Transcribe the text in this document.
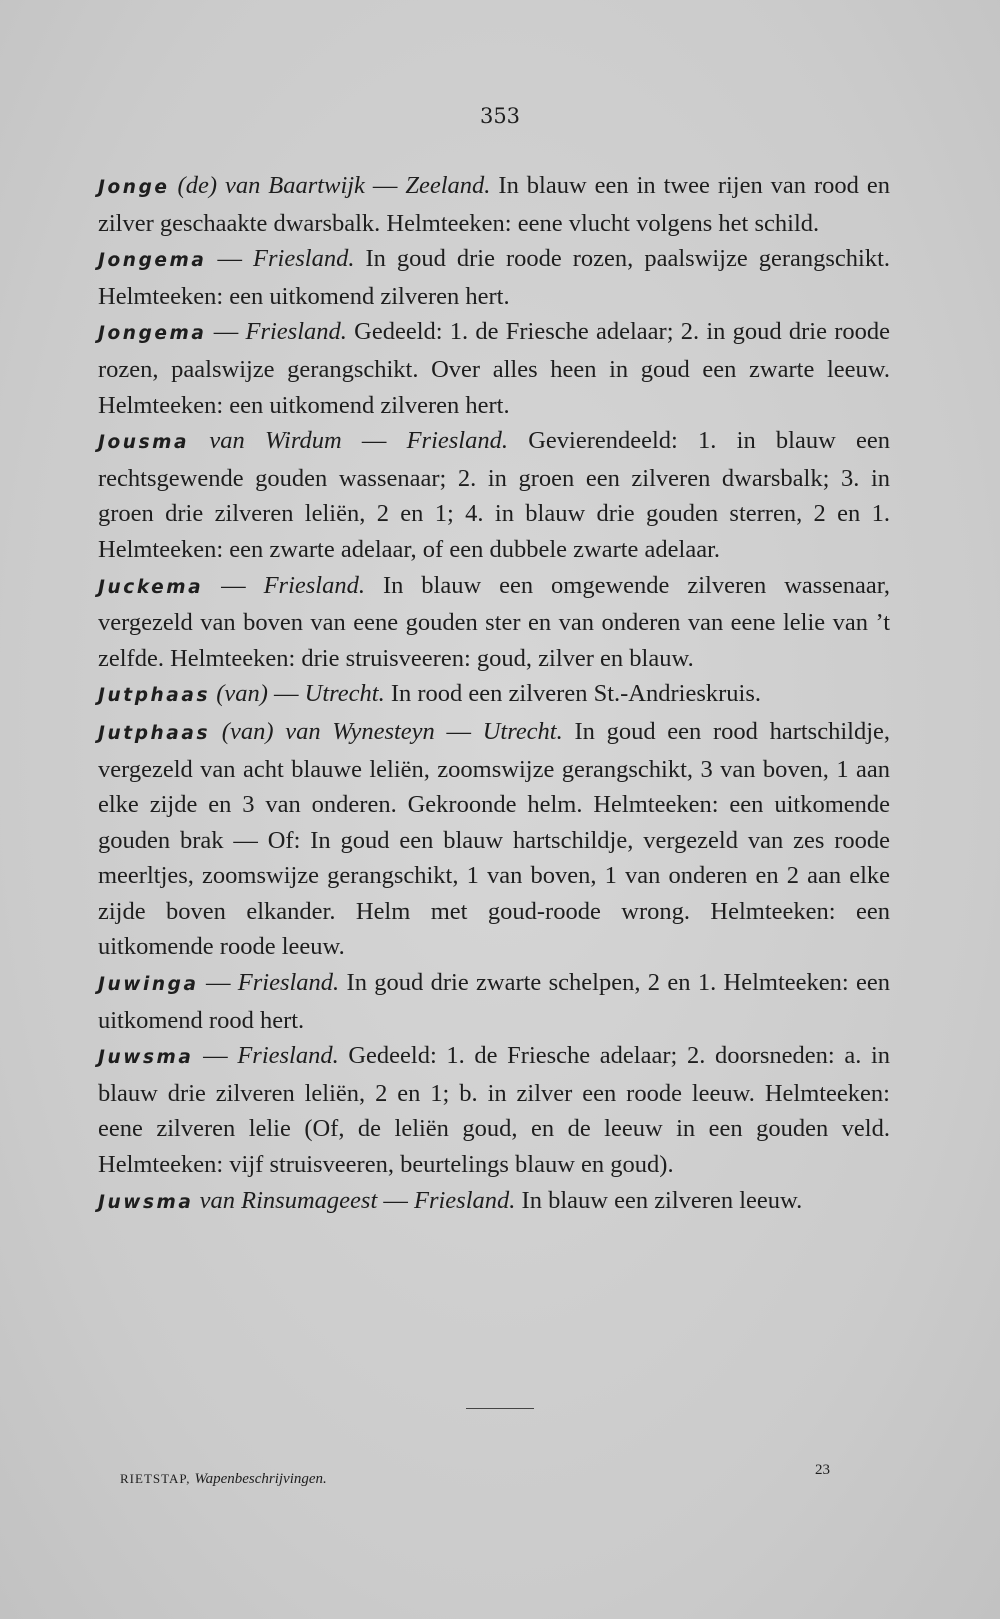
353

Jonge (de) van Baartwijk — Zeeland. In blauw een in twee rijen van rood en zilver geschaakte dwarsbalk. Helmteeken: eene vlucht volgens het schild.

Jongema — Friesland. In goud drie roode rozen, paalswijze gerangschikt. Helmteeken: een uitkomend zilveren hert.

Jongema — Friesland. Gedeeld: 1. de Friesche adelaar; 2. in goud drie roode rozen, paalswijze gerangschikt. Over alles heen in goud een zwarte leeuw. Helmteeken: een uitkomend zilveren hert.

Jousma van Wirdum — Friesland. Gevierendeeld: 1. in blauw een rechtsgewende gouden wassenaar; 2. in groen een zilveren dwarsbalk; 3. in groen drie zilveren leliën, 2 en 1; 4. in blauw drie gouden sterren, 2 en 1. Helmteeken: een zwarte adelaar, of een dubbele zwarte adelaar.

Juckema — Friesland. In blauw een omgewende zilveren wassenaar, vergezeld van boven van eene gouden ster en van onderen van eene lelie van ’t zelfde. Helmteeken: drie struisveeren: goud, zilver en blauw.

Jutphaas (van) — Utrecht. In rood een zilveren St.-Andrieskruis.

Jutphaas (van) van Wynesteyn — Utrecht. In goud een rood hartschildje, vergezeld van acht blauwe leliën, zoomswijze gerangschikt, 3 van boven, 1 aan elke zijde en 3 van onderen. Gekroonde helm. Helmteeken: een uitkomende gouden brak — Of: In goud een blauw hartschildje, vergezeld van zes roode meerltjes, zoomswijze gerangschikt, 1 van boven, 1 van onderen en 2 aan elke zijde boven elkander. Helm met goud-roode wrong. Helmteeken: een uitkomende roode leeuw.

Juwinga — Friesland. In goud drie zwarte schelpen, 2 en 1. Helmteeken: een uitkomend rood hert.

Juwsma — Friesland. Gedeeld: 1. de Friesche adelaar; 2. doorsneden: a. in blauw drie zilveren leliën, 2 en 1; b. in zilver een roode leeuw. Helmteeken: eene zilveren lelie (Of, de leliën goud, en de leeuw in een gouden veld. Helmteeken: vijf struisveeren, beurtelings blauw en goud).

Juwsma van Rinsumageest — Friesland. In blauw een zilveren leeuw.

RIETSTAP, Wapenbeschrijvingen.
23
